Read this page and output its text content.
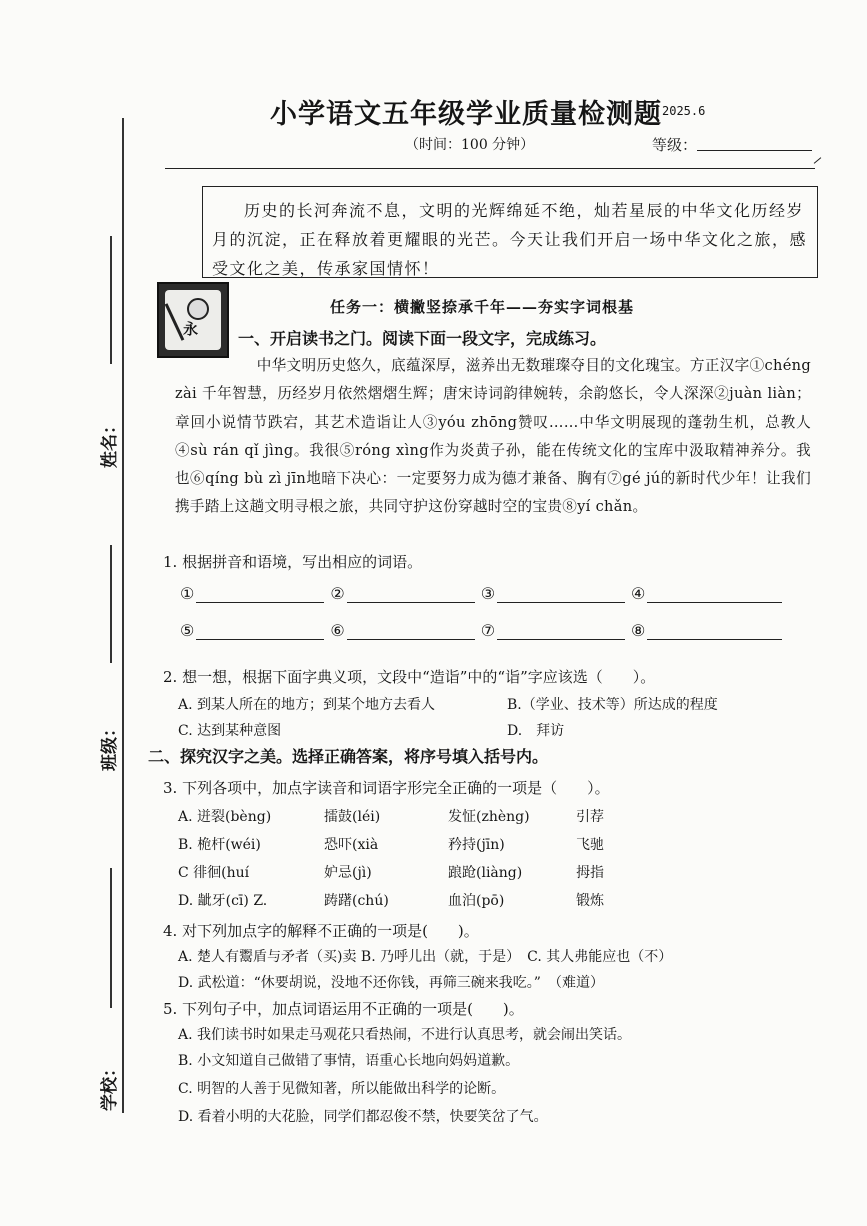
小学语文五年级学业质量检测题 2025.6
（时间：100 分钟）	等级：
姓名：
班级：
学校：
历史的长河奔流不息，文明的光辉绵延不绝，灿若星辰的中华文化历经岁月的沉淀，正在释放着更耀眼的光芒。今天让我们开启一场中华文化之旅，感受文化之美，传承家国情怀！
永
任务一：横撇竖捺承千年——夯实字词根基
一、开启读书之门。阅读下面一段文字，完成练习。
中华文明历史悠久，底蕴深厚，滋养出无数璀璨夺目的文化瑰宝。方正汉字①chéng zài 千年智慧，历经岁月依然熠熠生辉；唐宋诗词韵律婉转，余韵悠长，令人深深②juàn liàn；章回小说情节跌宕，其艺术造诣让人③yóu zhōng赞叹……中华文明展现的蓬勃生机，总教人④sù rán qǐ jìng。我很⑤róng xìng作为炎黄子孙，能在传统文化的宝库中汲取精神养分。我也⑥qíng bù zì jīn地暗下决心：一定要努力成为德才兼备、胸有⑦gé jú的新时代少年！让我们携手踏上这趟文明寻根之旅，共同守护这份穿越时空的宝贵⑧yí chǎn。
1. 根据拼音和语境，写出相应的词语。
①	②	③	④
⑤	⑥	⑦	⑧
2. 想一想，根据下面字典义项，文段中“造诣”中的“诣”字应该选（　　）。
A. 到某人所在的地方；到某个地方去看人	B.（学业、技术等）所达成的程度
C. 达到某种意图	D.　拜访
二、探究汉字之美。选择正确答案，将序号填入括号内。
3. 下列各项中，加点字读音和词语字形完全正确的一项是（　　）。
A. 迸裂(bèng)	擂鼓(léi)	发怔(zhèng)	引荐
B. 桅杆(wéi)	恐吓(xià	矜持(jīn)	飞驰
C 徘徊(huí	妒忌(jì)	踉跄(liàng)	拇指
D. 龇牙(cī) Z.	踌躇(chú)	血泊(pō)	锻炼
4. 对下列加点字的解释不正确的一项是(　　)。
A. 楚人有鬻盾与矛者（买)卖 B. 乃呼儿出（就，于是）　C. 其人弗能应也（不）
D. 武松道：“休要胡说，没地不还你钱，再筛三碗来我吃。”　（难道）
5. 下列句子中，加点词语运用不正确的一项是(　　)。
A. 我们读书时如果走马观花只看热闹，不进行认真思考，就会闹出笑话。
B. 小文知道自己做错了事情，语重心长地向妈妈道歉。
C. 明智的人善于见微知著，所以能做出科学的论断。
D. 看着小明的大花脸，同学们都忍俊不禁，快要笑岔了气。
